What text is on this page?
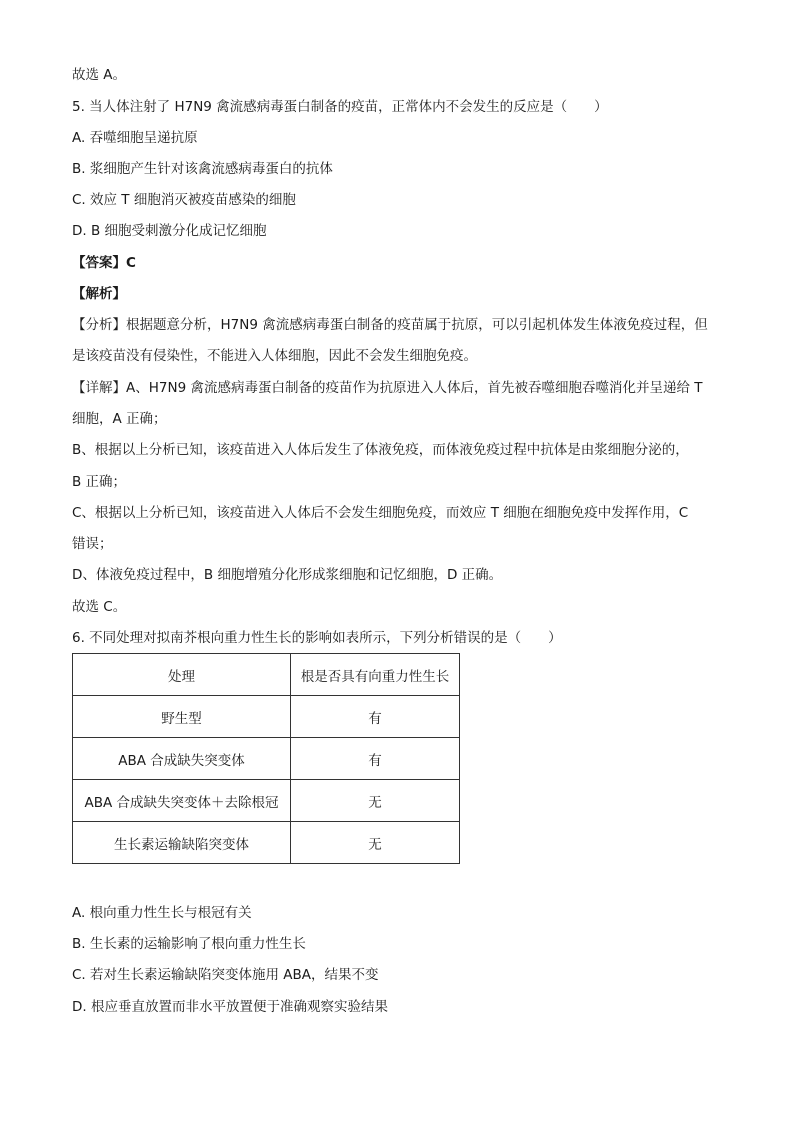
故选 A。
5. 当人体注射了 H7N9 禽流感病毒蛋白制备的疫苗，正常体内不会发生的反应是（　　）
A. 吞噬细胞呈递抗原
B. 浆细胞产生针对该禽流感病毒蛋白的抗体
C. 效应 T 细胞消灭被疫苗感染的细胞
D. B 细胞受刺激分化成记忆细胞
【答案】C
【解析】
【分析】根据题意分析，H7N9 禽流感病毒蛋白制备的疫苗属于抗原，可以引起机体发生体液免疫过程，但
是该疫苗没有侵染性，不能进入人体细胞，因此不会发生细胞免疫。
【详解】A、H7N9 禽流感病毒蛋白制备的疫苗作为抗原进入人体后，首先被吞噬细胞吞噬消化并呈递给 T
细胞，A 正确；
B、根据以上分析已知，该疫苗进入人体后发生了体液免疫，而体液免疫过程中抗体是由浆细胞分泌的，
B 正确；
C、根据以上分析已知，该疫苗进入人体后不会发生细胞免疫，而效应 T 细胞在细胞免疫中发挥作用，C
错误；
D、体液免疫过程中，B 细胞增殖分化形成浆细胞和记忆细胞，D 正确。
故选 C。
6. 不同处理对拟南芥根向重力性生长的影响如表所示，下列分析错误的是（　　）
A. 根向重力性生长与根冠有关
B. 生长素的运输影响了根向重力性生长
C. 若对生长素运输缺陷突变体施用 ABA，结果不变
D. 根应垂直放置而非水平放置便于准确观察实验结果
处理	根是否具有向重力性生长
野生型	有
ABA 合成缺失突变体	有
ABA 合成缺失突变体＋去除根冠	无
生长素运输缺陷突变体	无
